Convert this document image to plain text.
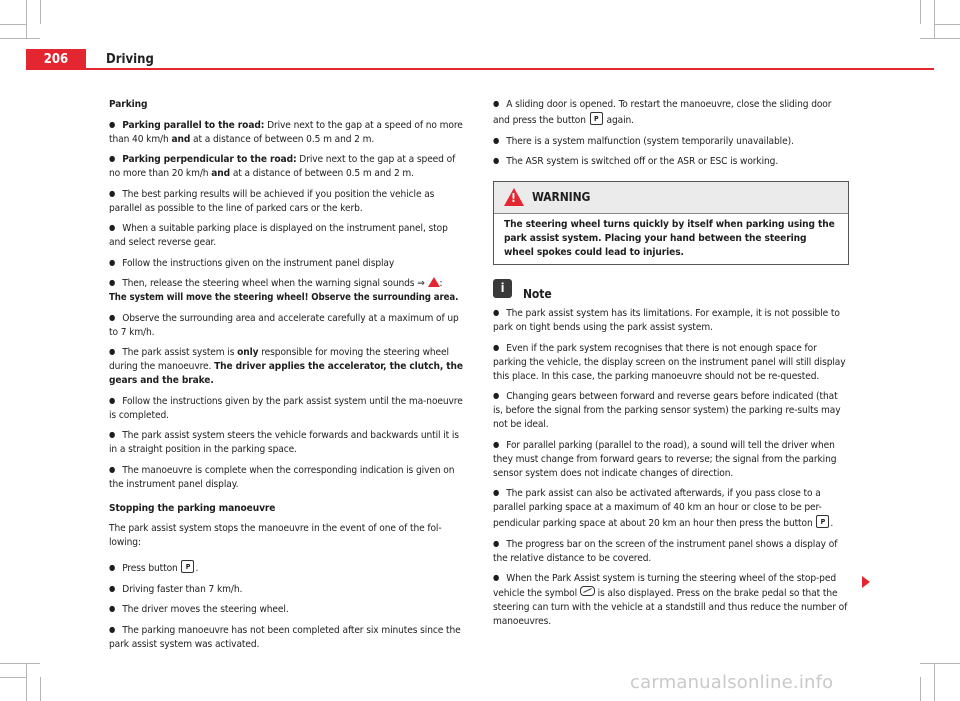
206	Driving

Parking

● Parking parallel to the road: Drive next to the gap at a speed of no more than 40 km/h and at a distance of between 0.5 m and 2 m.

● Parking perpendicular to the road: Drive next to the gap at a speed of no more than 20 km/h and at a distance of between 0.5 m and 2 m.

● The best parking results will be achieved if you position the vehicle as parallel as possible to the line of parked cars or the kerb.

● When a suitable parking place is displayed on the instrument panel, stop and select reverse gear.

● Follow the instructions given on the instrument panel display

● Then, release the steering wheel when the warning signal sounds ⇒ :

The system will move the steering wheel! Observe the surrounding area.

● Observe the surrounding area and accelerate carefully at a maximum of up to 7 km/h.

● The park assist system is only responsible for moving the steering wheel during the manoeuvre. The driver applies the accelerator, the clutch, the gears and the brake.

● Follow the instructions given by the park assist system until the ma-noeuvre is completed.

● The park assist system steers the vehicle forwards and backwards until it is in a straight position in the parking space.

● The manoeuvre is complete when the corresponding indication is given on the instrument panel display.

Stopping the parking manoeuvre

The park assist system stops the manoeuvre in the event of one of the fol-lowing:

● Press button P.

● Driving faster than 7 km/h.

● The driver moves the steering wheel.

● The parking manoeuvre has not been completed after six minutes since the park assist system was activated.

● A sliding door is opened. To restart the manoeuvre, close the sliding door and press the button P again.

● There is a system malfunction (system temporarily unavailable).

● The ASR system is switched off or the ASR or ESC is working.

!
WARNING
The steering wheel turns quickly by itself when parking using the park assist system. Placing your hand between the steering wheel spokes could lead to injuries.
i	Note

● The park assist system has its limitations. For example, it is not possible to park on tight bends using the park assist system.

● Even if the park system recognises that there is not enough space for parking the vehicle, the display screen on the instrument panel will still display this place. In this case, the parking manoeuvre should not be re-quested.

● Changing gears between forward and reverse gears before indicated (that is, before the signal from the parking sensor system) the parking re-sults may not be ideal.

● For parallel parking (parallel to the road), a sound will tell the driver when they must change from forward gears to reverse; the signal from the parking sensor system does not indicate changes of direction.

● The park assist can also be activated afterwards, if you pass close to a parallel parking space at a maximum of 40 km an hour or close to be per-pendicular parking space at about 20 km an hour then press the button P.

● The progress bar on the screen of the instrument panel shows a display of the relative distance to be covered.

● When the Park Assist system is turning the steering wheel of the stop-ped vehicle the symbol  is also displayed. Press on the brake pedal so that the steering can turn with the vehicle at a standstill and thus reduce the number of manoeuvres.

carmanualsonline.info
